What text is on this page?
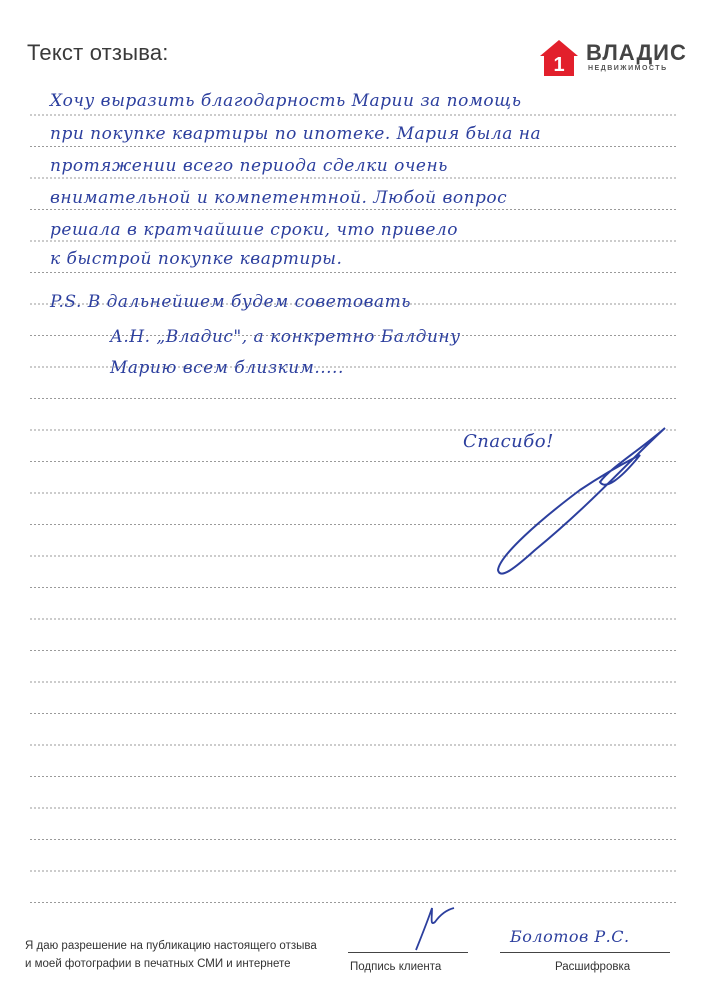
Текст отзыва:	1 ВЛАДИС
НЕДВИЖИМОСТЬ
Хочу выразить благодарность Марии за помощь
при покупке квартиры по ипотеке. Мария была на
протяжении всего периода сделки очень
внимательной и компетентной. Любой вопрос
решала в кратчайшие сроки, что привело
к быстрой покупке квартиры.
P.S. В дальнейшем будем советовать
А.Н. „Владис", а конкретно Балдину
Марию всем близким.....
Спасибо!
Я даю разрешение на публикацию настоящего отзыва
и моей фотографии в печатных СМИ и интернете	Подпись клиента
Болотов Р.С.
Расшифровка
